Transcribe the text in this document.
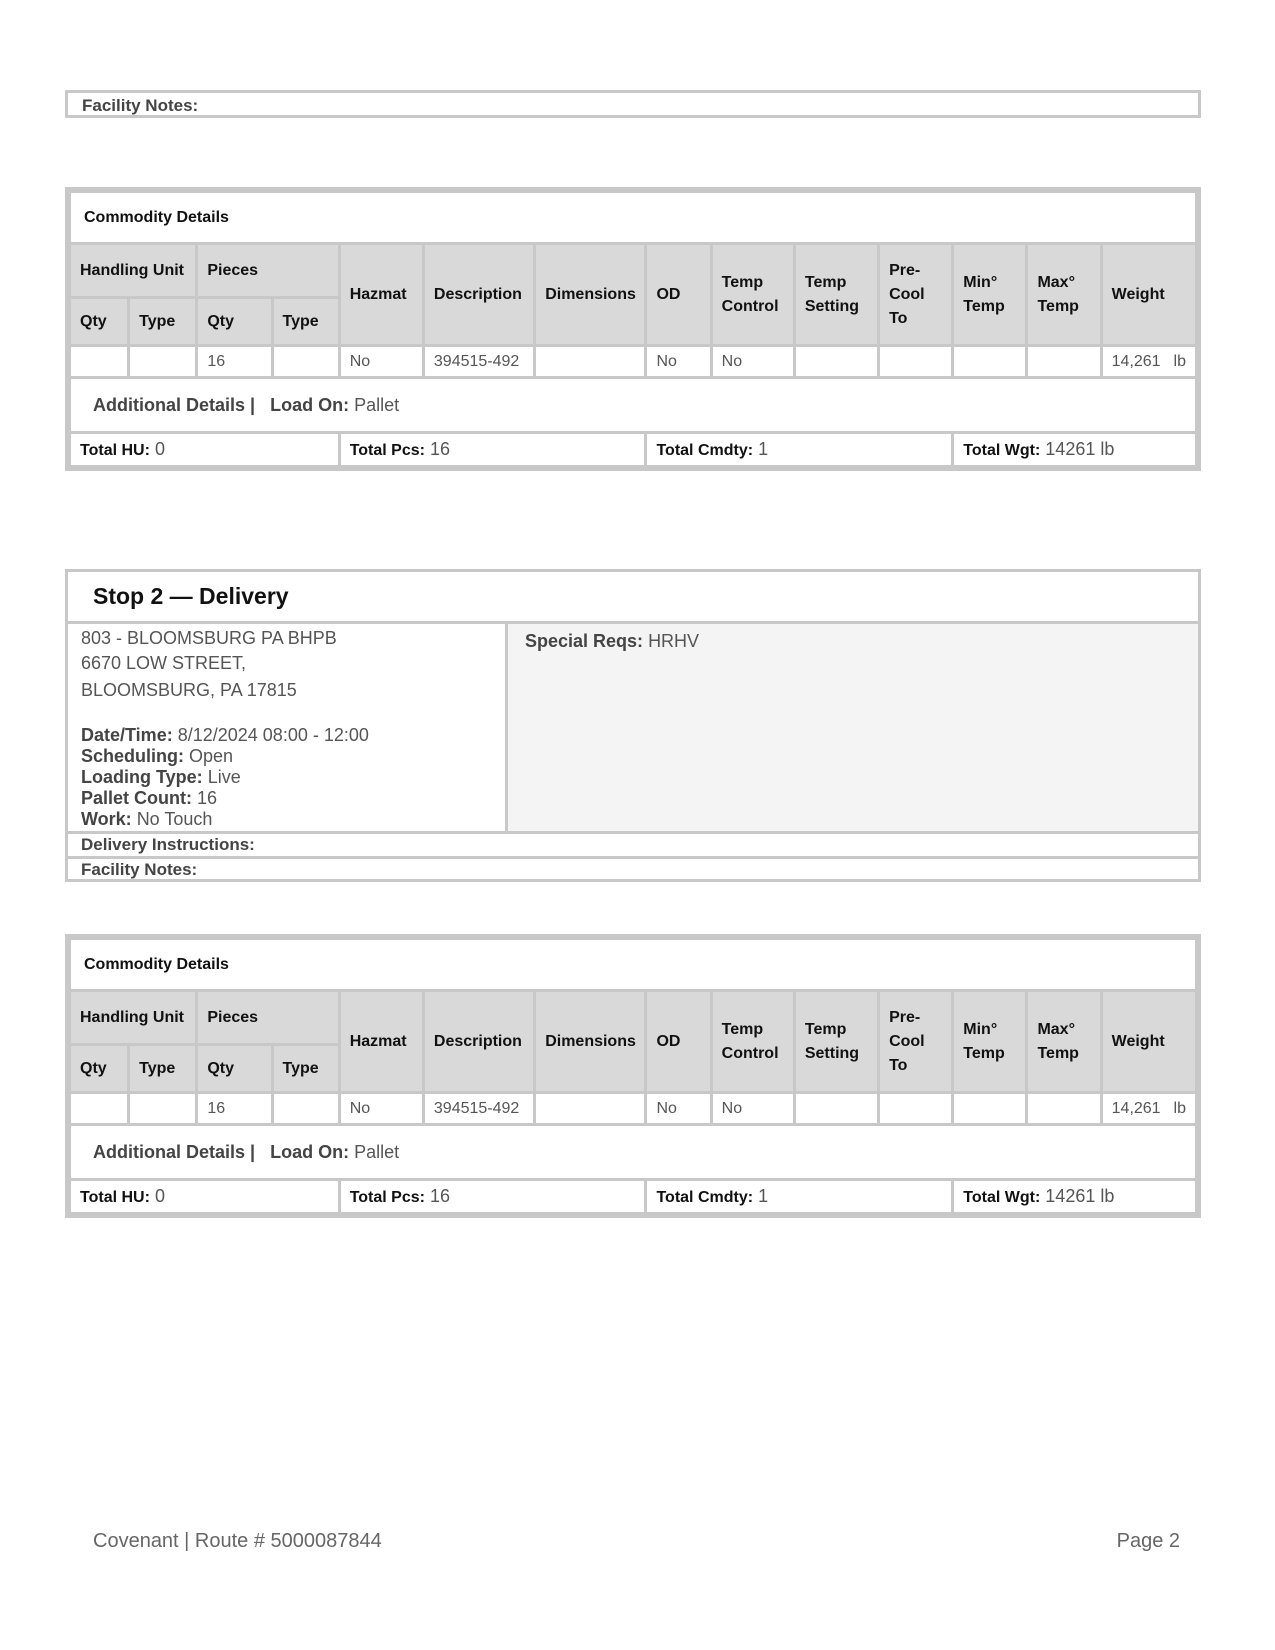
Facility Notes:
Commodity Details													
Handling Unit		Pieces		Hazmat	Description	Dimensions	OD	Temp Control	Temp Setting	Pre-Cool To	Min° Temp	Max° Temp	Weight
Qty	Type	Qty	Type										
		16		No	394515-492		No	No					14,261 lb

Additional Details | Load On: Pallet													
Total HU: 0				Total Pcs: 16			Total Cmdty: 1				Total Wgt: 14261 lb		
Commodity Details													
Handling Unit		Pieces		Hazmat	Description	Dimensions	OD	Temp Control	Temp Setting	Pre-Cool To	Min° Temp	Max° Temp	Weight
Qty	Type	Qty	Type										
		16		No	394515-492		No	No					14,261 lb

Additional Details | Load On: Pallet													
Total HU: 0				Total Pcs: 16			Total Cmdty: 1				Total Wgt: 14261 lb		
Stop 2 — Delivery
803 - BLOOMSBURG PA BHPB
6670 LOW STREET,
BLOOMSBURG, PA 17815
Date/Time: 8/12/2024 08:00 - 12:00
Scheduling: Open
Loading Type: Live
Pallet Count: 16
Work: No Touch
Special Reqs: HRHV
Delivery Instructions:
Facility Notes:
Covenant | Route # 5000087844	Page 2
